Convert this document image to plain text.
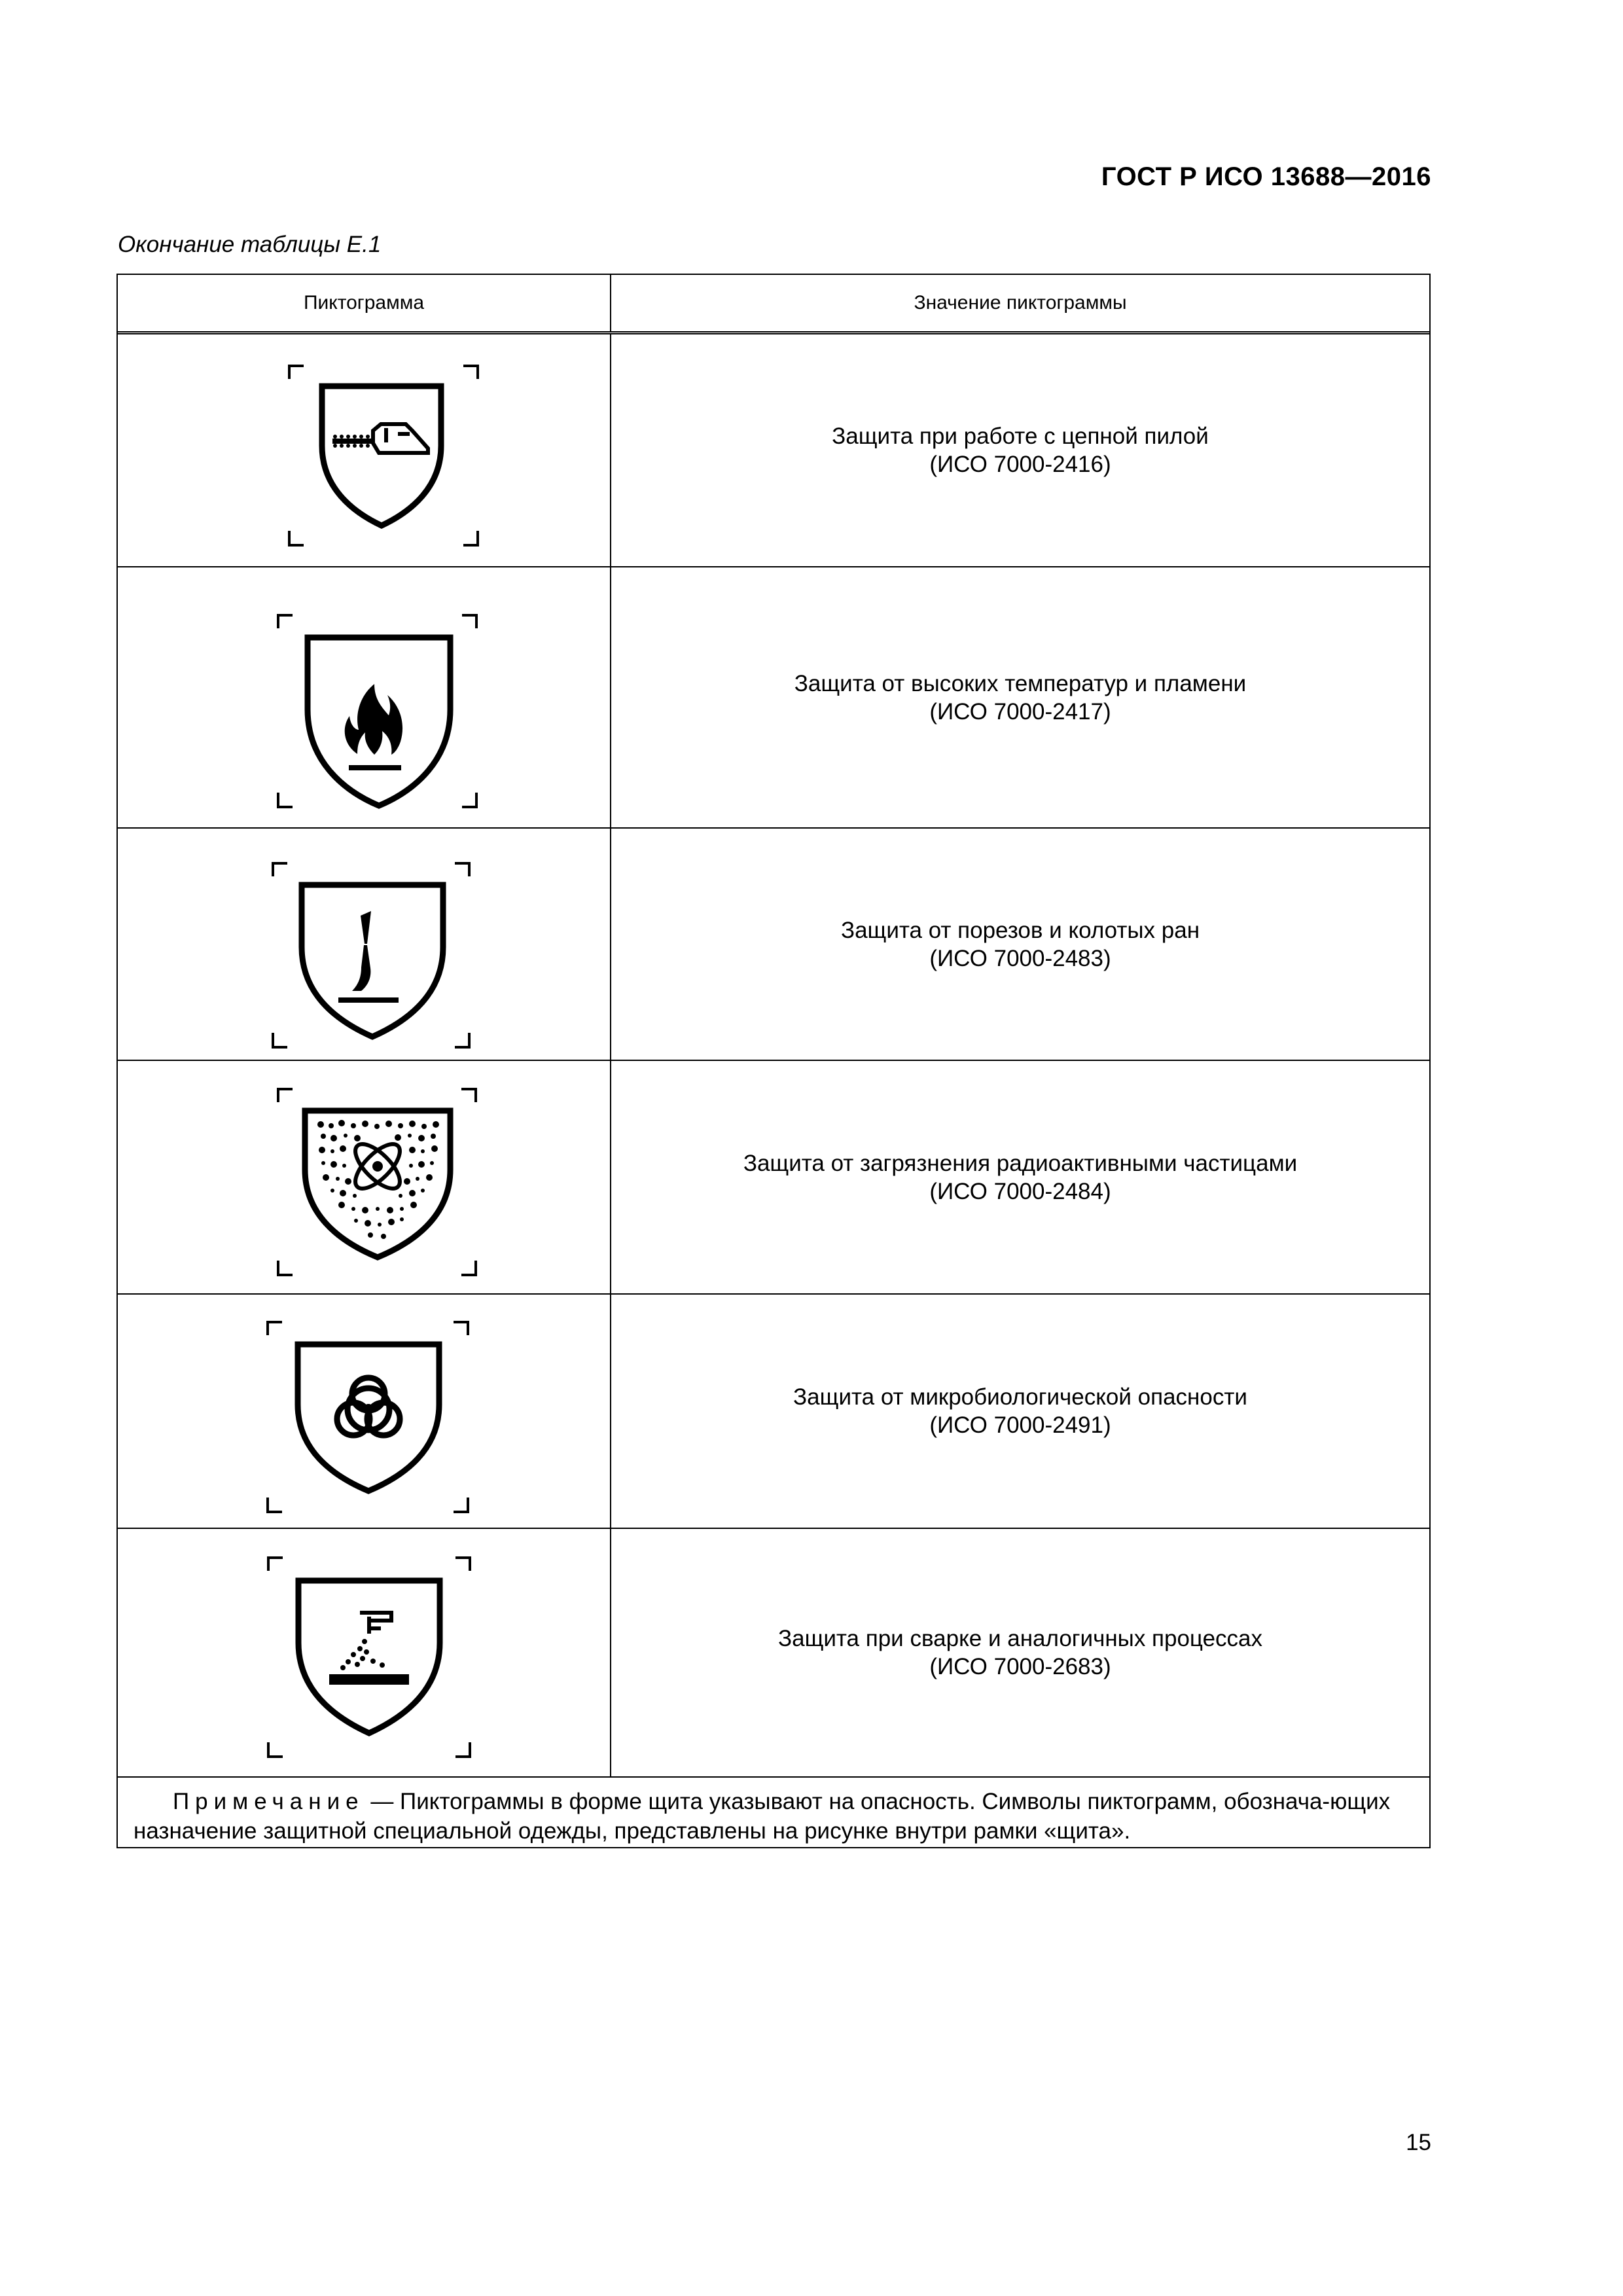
ГОСТ Р ИСО 13688—2016
Окончание таблицы Е.1
Пиктограмма	Значение пиктограммы
Защита при работе с цепной пилой
(ИСО 7000-2416)
Защита от высоких температур и пламени
(ИСО 7000-2417)
Защита от порезов и колотых ран
(ИСО 7000-2483)
Защита от загрязнения радиоактивными частицами
(ИСО 7000-2484)
Защита от микробиологической опасности
(ИСО 7000-2491)
Защита при сварке и аналогичных процессах
(ИСО 7000-2683)
Примечание — Пиктограммы в форме щита указывают на опасность. Символы пиктограмм, обознача-ющих назначение защитной специальной одежды, представлены на рисунке внутри рамки «щита».
15
